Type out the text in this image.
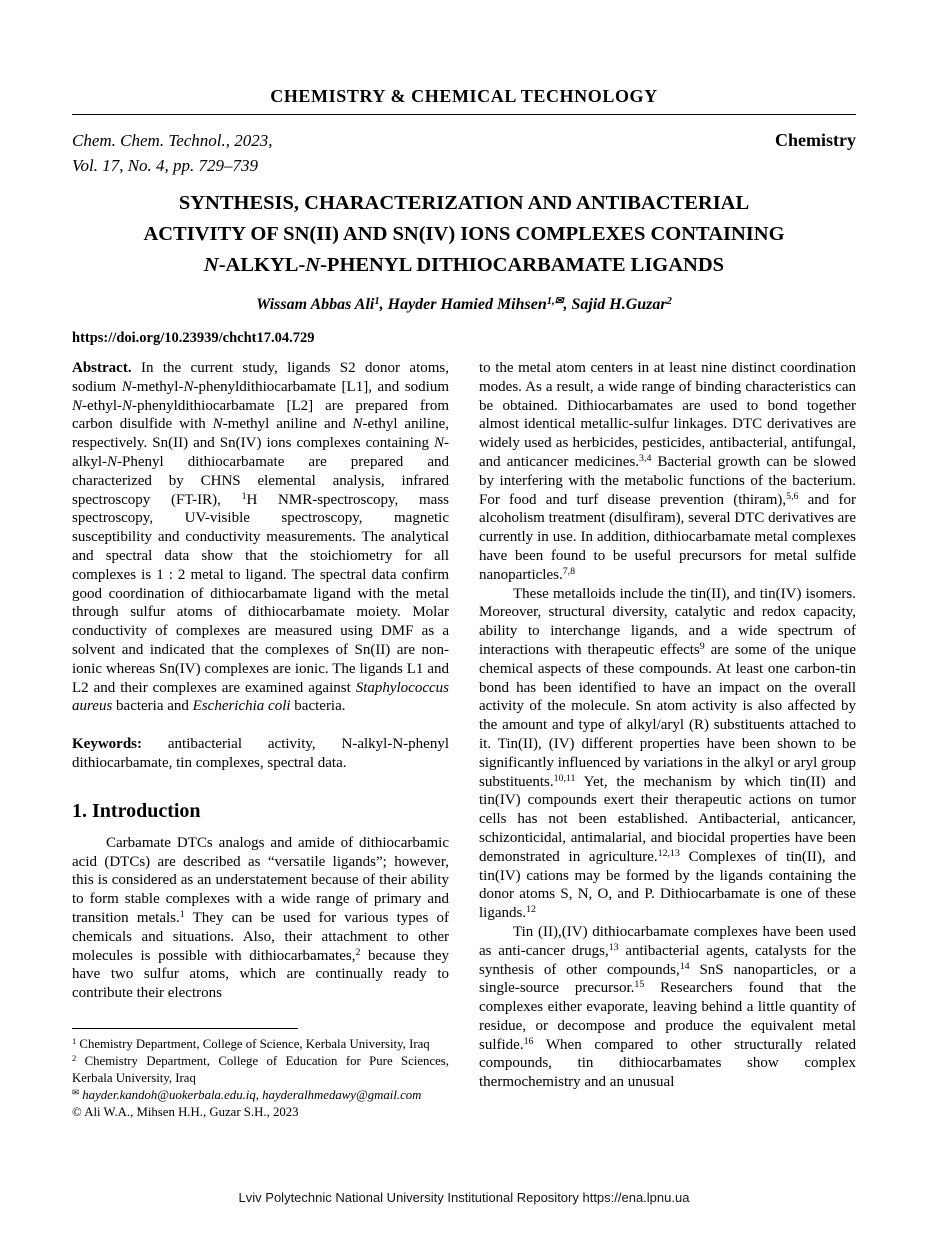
CHEMISTRY & CHEMICAL TECHNOLOGY
Chem. Chem. Technol., 2023,
Vol. 17, No. 4, pp. 729–739
Chemistry
SYNTHESIS, CHARACTERIZATION AND ANTIBACTERIAL
ACTIVITY OF SN(II) AND SN(IV) IONS COMPLEXES CONTAINING
N-ALKYL-N-PHENYL DITHIOCARBAMATE LIGANDS
Wissam Abbas Ali$^1$, Hayder Hamied Mihsen$^{1,✉}$, Sajid H.Guzar$^2$
https://doi.org/10.23939/chcht17.04.729

Abstract. In the current study, ligands S2 donor atoms, sodium N-methyl-N-phenyldithiocarbamate [L1], and sodium N-ethyl-N-phenyldithiocarbamate [L2] are prepared from carbon disulfide with N-methyl aniline and N-ethyl aniline, respectively. Sn(II) and Sn(IV) ions complexes containing N-alkyl-N-Phenyl dithiocarbamate are prepared and characterized by CHNS elemental analysis, infrared spectroscopy (FT-IR), $^1$H NMR-spectroscopy, mass spectroscopy, UV-visible spectroscopy, magnetic susceptibility and conductivity measurements. The analytical and spectral data show that the stoichiometry for all complexes is 1 : 2 metal to ligand. The spectral data confirm good coordination of dithiocarbamate ligand with the metal through sulfur atoms of dithiocarbamate moiety. Molar conductivity of complexes are measured using DMF as a solvent and indicated that the complexes of Sn(II) are non-ionic whereas Sn(IV) complexes are ionic. The ligands L1 and L2 and their complexes are examined against Staphylococcus aureus bacteria and Escherichia coli bacteria.

Keywords: antibacterial activity, N-alkyl-N-phenyl dithiocarbamate, tin complexes, spectral data.

1. Introduction

Carbamate DTCs analogs and amide of dithiocarbamic acid (DTCs) are described as “versatile ligands”; however, this is considered as an understatement because of their ability to form stable complexes with a wide range of primary and transition metals.$^1$ They can be used for various types of chemicals and situations. Also, their attachment to other molecules is possible with dithiocarbamates,$^2$ because they have two sulfur atoms, which are continually ready to contribute their electrons

$^1$ Chemistry Department, College of Science, Kerbala University, Iraq

$^2$ Chemistry Department, College of Education for Pure Sciences, Kerbala University, Iraq

✉ hayder.kandoh@uokerbala.edu.iq, hayderalhmedawy@gmail.com

© Ali W.A., Mihsen H.H., Guzar S.H., 2023

to the metal atom centers in at least nine distinct coordination modes. As a result, a wide range of binding characteristics can be obtained. Dithiocarbamates are used to bond together almost identical metallic-sulfur linkages. DTC derivatives are widely used as herbicides, pesticides, antibacterial, antifungal, and anticancer medicines.$^{3,4}$ Bacterial growth can be slowed by interfering with the metabolic functions of the bacterium. For food and turf disease prevention (thiram),$^{5,6}$ and for alcoholism treatment (disulfiram), several DTC derivatives are currently in use. In addition, dithiocarbamate metal complexes have been found to be useful precursors for metal sulfide nanoparticles.$^{7,8}$

These metalloids include the tin(II), and tin(IV) isomers. Moreover, structural diversity, catalytic and redox capacity, ability to interchange ligands, and a wide spectrum of interactions with therapeutic effects$^9$ are some of the unique chemical aspects of these compounds. At least one carbon-tin bond has been identified to have an impact on the overall activity of the molecule. Sn atom activity is also affected by the amount and type of alkyl/aryl (R) substituents attached to it. Tin(II), (IV) different properties have been shown to be significantly influenced by variations in the alkyl or aryl group substituents.$^{10,11}$ Yet, the mechanism by which tin(II) and tin(IV) compounds exert their therapeutic actions on tumor cells has not been established. Antibacterial, anticancer, schizonticidal, antimalarial, and biocidal properties have been demonstrated in agriculture.$^{12,13}$ Complexes of tin(II), and tin(IV) cations may be formed by the ligands containing the donor atoms S, N, O, and P. Dithiocarbamate is one of these ligands.$^{12}$

Tin (II),(IV) dithiocarbamate complexes have been used as anti-cancer drugs,$^{13}$ antibacterial agents, catalysts for the synthesis of other compounds,$^{14}$ SnS nanoparticles, or a single-source precursor.$^{15}$ Researchers found that the complexes either evaporate, leaving behind a little quantity of residue, or decompose and produce the equivalent metal sulfide.$^{16}$ When compared to other structurally related compounds, tin dithiocarbamates show complex thermochemistry and an unusual

Lviv Polytechnic National University Institutional Repository https://ena.lpnu.ua
